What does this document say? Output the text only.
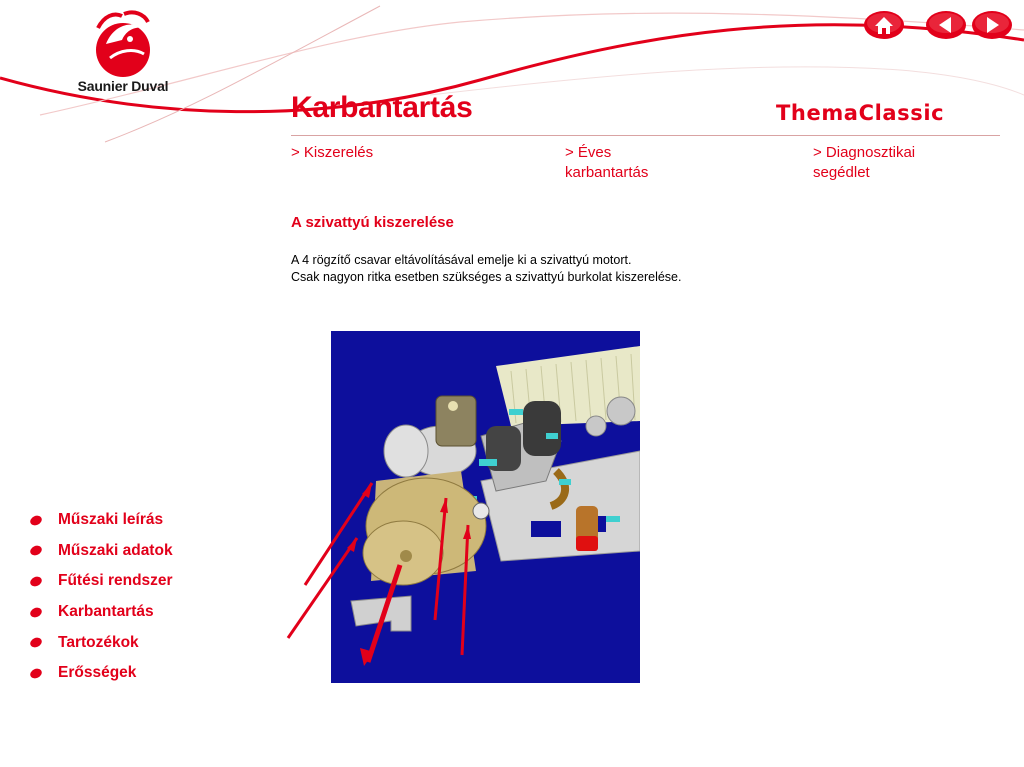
Saunier Duval
Karbantartás	ThemaClassic
> Kiszerelés	> Éves
karbantartás
> Diagnosztikai
segédlet
A szivattyú kiszerelése
A 4 rögzítő csavar eltávolításával emelje ki a szivattyú motort.
Csak nagyon ritka esetben szükséges a szivattyú burkolat kiszerelése.
Műszaki leírás
Műszaki adatok
Fűtési rendszer
Karbantartás
Tartozékok
Erősségek
